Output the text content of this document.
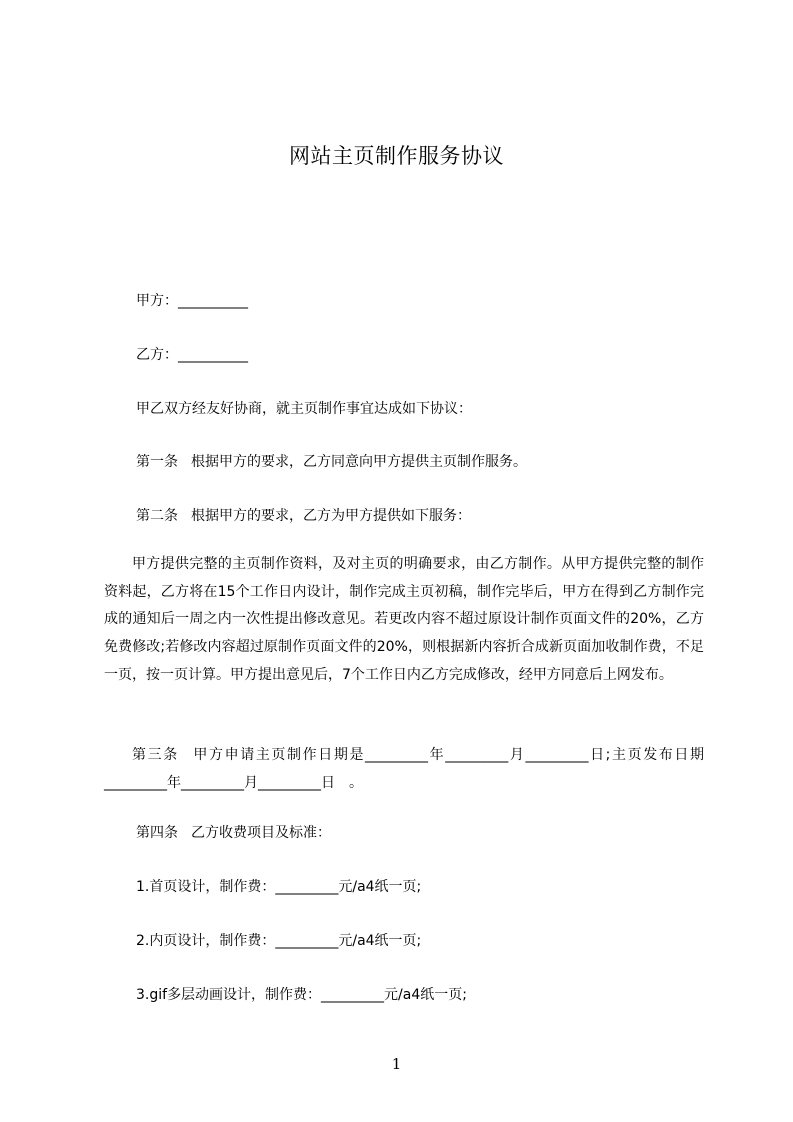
网站主页制作服务协议
甲方：__________
乙方：__________
甲乙双方经友好协商，就主页制作事宜达成如下协议：
第一条 根据甲方的要求，乙方同意向甲方提供主页制作服务。
第二条 根据甲方的要求，乙方为甲方提供如下服务：
甲方提供完整的主页制作资料，及对主页的明确要求，由乙方制作。从甲方提供完整的制作资料起，乙方将在15个工作日内设计，制作完成主页初稿，制作完毕后，甲方在得到乙方制作完成的通知后一周之内一次性提出修改意见。若更改内容不超过原设计制作页面文件的20%，乙方免费修改;若修改内容超过原制作页面文件的20%，则根据新内容折合成新页面加收制作费，不足一页，按一页计算。甲方提出意见后，7个工作日内乙方完成修改，经甲方同意后上网发布。
第三条 甲方申请主页制作日期是_________年_________月_________日;主页发布日期_________年_________月_________日　。
第四条 乙方收费项目及标准：
1.首页设计，制作费：_________元/a4纸一页;
2.内页设计，制作费：_________元/a4纸一页;
3.gif多层动画设计，制作费：_________元/a4纸一页;
1
